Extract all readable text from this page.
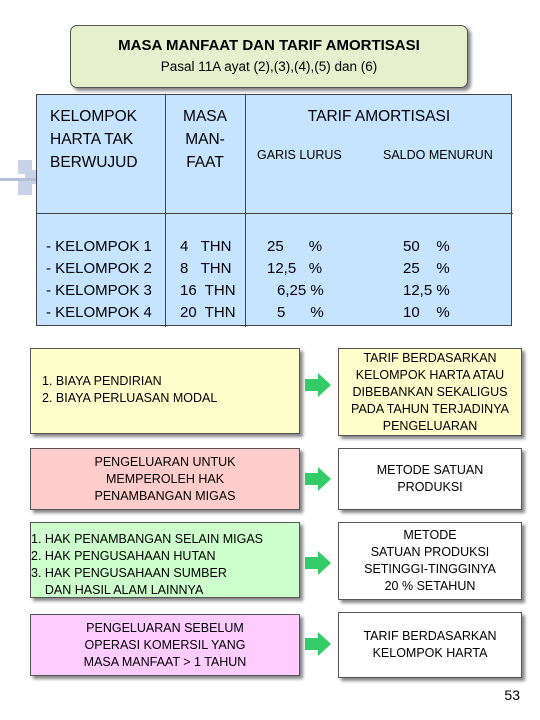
MASA MANFAAT DAN TARIF AMORTISASI
Pasal 11A ayat (2),(3),(4),(5) dan (6)
KELOMPOK
HARTA TAK
BERWUJUD
MASA
MAN-
FAAT
TARIF AMORTISASI
GARIS LURUS	SALDO MENURUN
- KELOMPOK 1
- KELOMPOK 2
- KELOMPOK 3
- KELOMPOK 4
4   THN
8   THN
16  THN
20  THN
25      %
12,5   %
6,25 %
5      %
50    %
25    %
12,5 %
10    %
1. BIAYA PENDIRIAN
2. BIAYA PERLUASAN MODAL
TARIF BERDASARKAN
KELOMPOK HARTA ATAU
DIBEBANKAN SEKALIGUS
PADA TAHUN TERJADINYA
PENGELUARAN
PENGELUARAN UNTUK
MEMPEROLEH HAK
PENAMBANGAN MIGAS
METODE SATUAN
PRODUKSI
1. HAK PENAMBANGAN SELAIN MIGAS
2. HAK PENGUSAHAAN HUTAN
3. HAK PENGUSAHAAN SUMBER
DAN HASIL ALAM LAINNYA
METODE
SATUAN PRODUKSI
SETINGGI-TINGGINYA
20 % SETAHUN
PENGELUARAN SEBELUM
OPERASI KOMERSIL YANG
MASA MANFAAT > 1 TAHUN
TARIF BERDASARKAN
KELOMPOK HARTA
53
